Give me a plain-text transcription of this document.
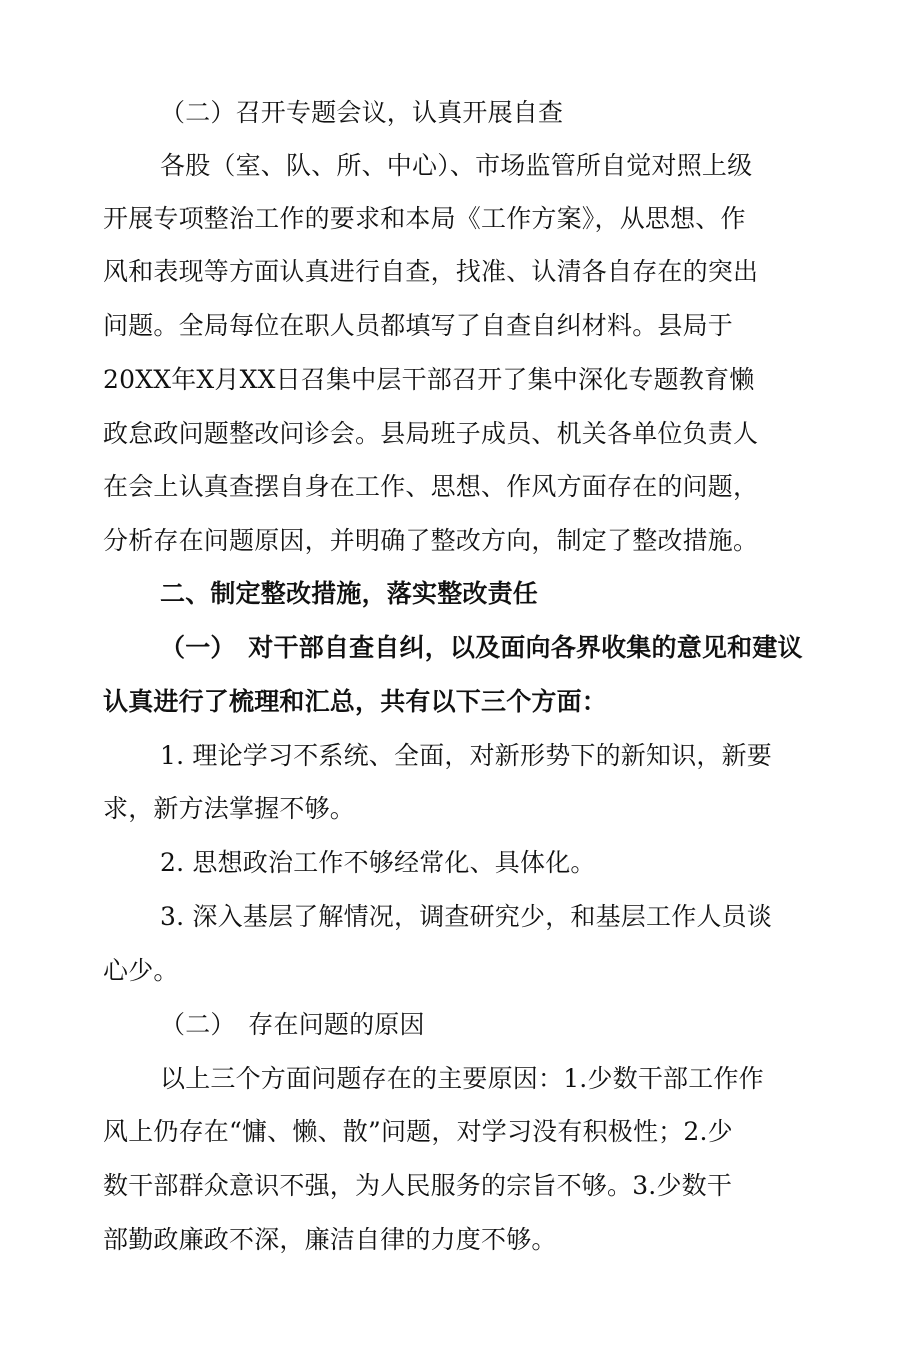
（二）召开专题会议，认真开展自查
各股（室、队、所、中心）、市场监管所自觉对照上级
开展专项整治工作的要求和本局《工作方案》，从思想、作
风和表现等方面认真进行自查，找准、认清各自存在的突出
问题。全局每位在职人员都填写了自查自纠材料。县局于
20XX年X月XX日召集中层干部召开了集中深化专题教育懒
政怠政问题整改问诊会。县局班子成员、机关各单位负责人
在会上认真查摆自身在工作、思想、作风方面存在的问题，
分析存在问题原因，并明确了整改方向，制定了整改措施。
二、制定整改措施，落实整改责任
（一）　对干部自查自纠，以及面向各界收集的意见和建议
认真进行了梳理和汇总，共有以下三个方面：
1. 理论学习不系统、全面，对新形势下的新知识，新要
求，新方法掌握不够。
2. 思想政治工作不够经常化、具体化。
3. 深入基层了解情况，调查研究少，和基层工作人员谈
心少。
（二）　存在问题的原因
以上三个方面问题存在的主要原因：1.少数干部工作作
风上仍存在“慵、懒、散”问题，对学习没有积极性；2.少
数干部群众意识不强，为人民服务的宗旨不够。3.少数干
部勤政廉政不深，廉洁自律的力度不够。
